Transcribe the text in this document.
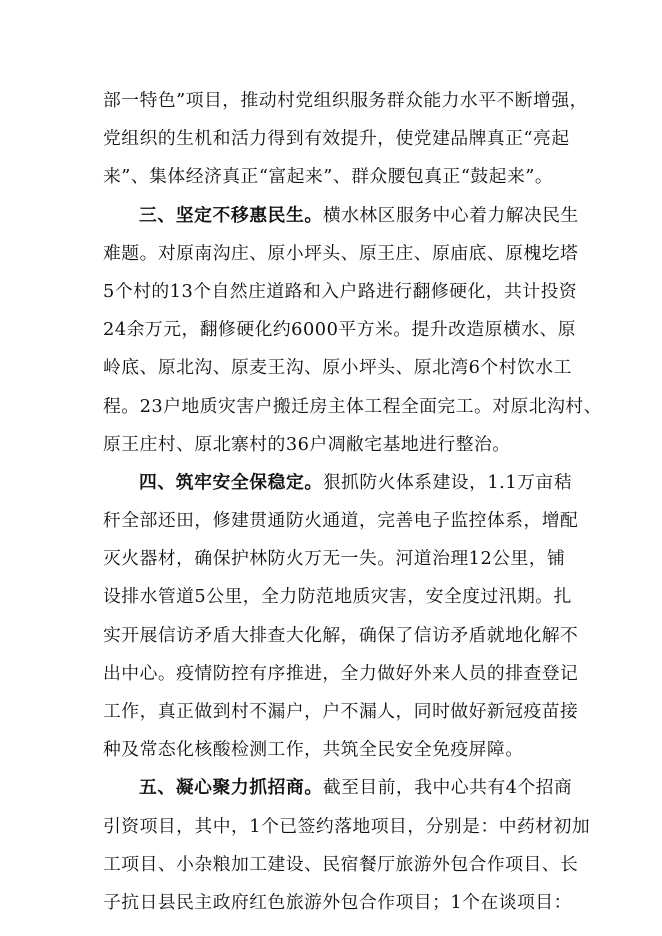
部一特色”项目，推动村党组织服务群众能力水平不断增强，
党组织的生机和活力得到有效提升，使党建品牌真正“亮起
来”、集体经济真正“富起来”、群众腰包真正“鼓起来”。
三、坚定不移惠民生。横水林区服务中心着力解决民生
难题。对原南沟庄、原小坪头、原王庄、原庙底、原槐圪塔
5个村的13个自然庄道路和入户路进行翻修硬化，共计投资
24余万元，翻修硬化约6000平方米。提升改造原横水、原
岭底、原北沟、原麦王沟、原小坪头、原北湾6个村饮水工
程。23户地质灾害户搬迁房主体工程全面完工。对原北沟村、
原王庄村、原北寨村的36户凋敝宅基地进行整治。
四、筑牢安全保稳定。狠抓防火体系建设，1.1万亩秸
秆全部还田，修建贯通防火通道，完善电子监控体系，增配
灭火器材，确保护林防火万无一失。河道治理12公里，铺
设排水管道5公里，全力防范地质灾害，安全度过汛期。扎
实开展信访矛盾大排查大化解，确保了信访矛盾就地化解不
出中心。疫情防控有序推进，全力做好外来人员的排查登记
工作，真正做到村不漏户，户不漏人，同时做好新冠疫苗接
种及常态化核酸检测工作，共筑全民安全免疫屏障。
五、凝心聚力抓招商。截至目前，我中心共有4个招商
引资项目，其中，1个已签约落地项目，分别是：中药材初加
工项目、小杂粮加工建设、民宿餐厅旅游外包合作项目、长
子抗日县民主政府红色旅游外包合作项目；1个在谈项目：
